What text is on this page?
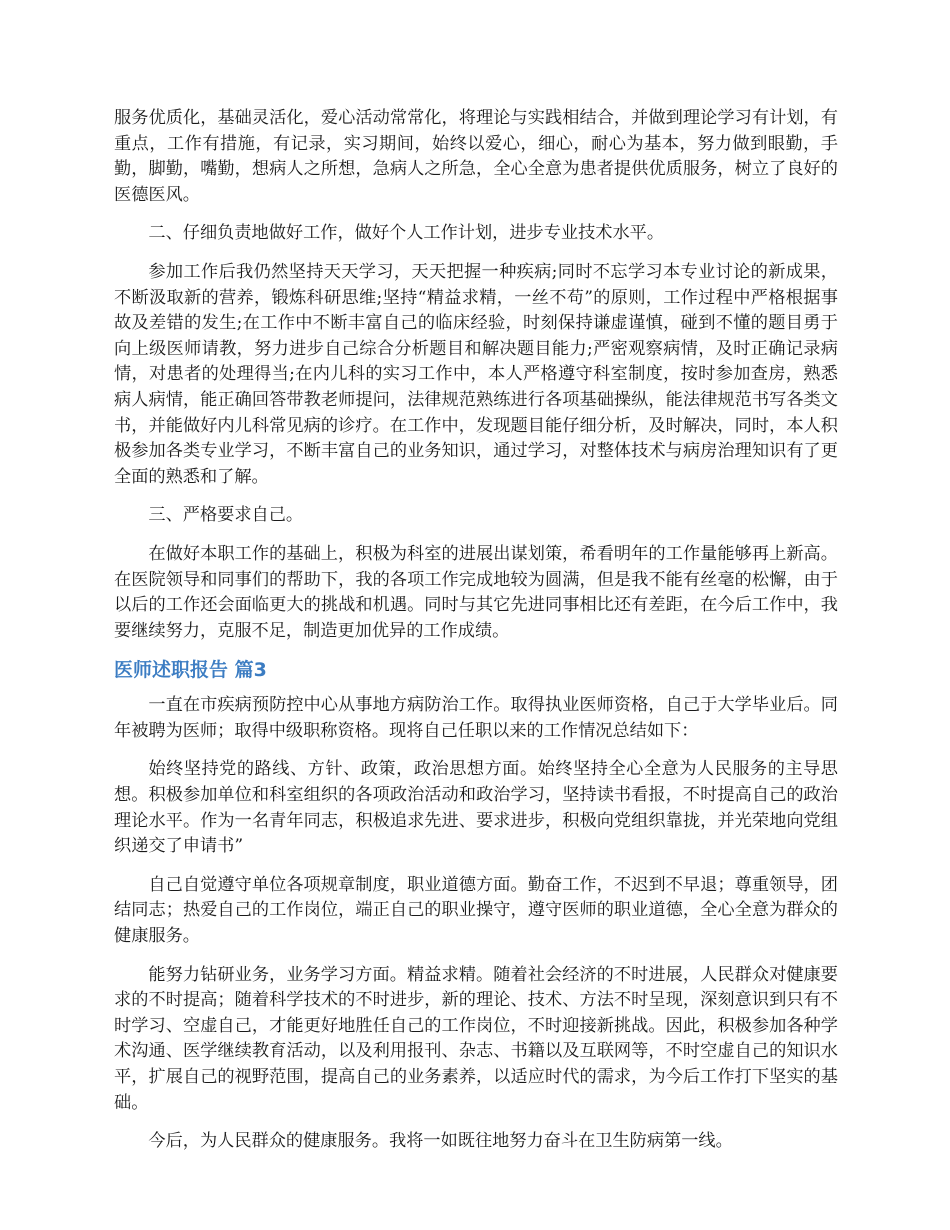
服务优质化，基础灵活化，爱心活动常常化，将理论与实践相结合，并做到理论学习有计划，有重点，工作有措施，有记录，实习期间，始终以爱心，细心，耐心为基本，努力做到眼勤，手勤，脚勤，嘴勤，想病人之所想，急病人之所急，全心全意为患者提供优质服务，树立了良好的医德医风。

二、仔细负责地做好工作，做好个人工作计划，进步专业技术水平。

参加工作后我仍然坚持天天学习，天天把握一种疾病;同时不忘学习本专业讨论的新成果，不断汲取新的营养，锻炼科研思维;坚持“精益求精，一丝不苟”的原则，工作过程中严格根据事故及差错的发生;在工作中不断丰富自己的临床经验，时刻保持谦虚谨慎，碰到不懂的题目勇于向上级医师请教，努力进步自己综合分析题目和解决题目能力;严密观察病情，及时正确记录病情，对患者的处理得当;在内儿科的实习工作中，本人严格遵守科室制度，按时参加查房，熟悉病人病情，能正确回答带教老师提问，法律规范熟练进行各项基础操纵，能法律规范书写各类文书，并能做好内儿科常见病的诊疗。在工作中，发现题目能仔细分析，及时解决，同时，本人积极参加各类专业学习，不断丰富自己的业务知识，通过学习，对整体技术与病房治理知识有了更全面的熟悉和了解。

三、严格要求自己。

在做好本职工作的基础上，积极为科室的进展出谋划策，希看明年的工作量能够再上新高。在医院领导和同事们的帮助下，我的各项工作完成地较为圆满，但是我不能有丝毫的松懈，由于以后的工作还会面临更大的挑战和机遇。同时与其它先进同事相比还有差距，在今后工作中，我要继续努力，克服不足，制造更加优异的工作成绩。

医师述职报告 篇3

一直在市疾病预防控中心从事地方病防治工作。取得执业医师资格，自己于大学毕业后。同年被聘为医师；取得中级职称资格。现将自己任职以来的工作情况总结如下：

始终坚持党的路线、方针、政策，政治思想方面。始终坚持全心全意为人民服务的主导思想。积极参加单位和科室组织的各项政治活动和政治学习，坚持读书看报，不时提高自己的政治理论水平。作为一名青年同志，积极追求先进、要求进步，积极向党组织靠拢，并光荣地向党组织递交了申请书”

自己自觉遵守单位各项规章制度，职业道德方面。勤奋工作，不迟到不早退；尊重领导，团结同志；热爱自己的工作岗位，端正自己的职业操守，遵守医师的职业道德，全心全意为群众的健康服务。

能努力钻研业务，业务学习方面。精益求精。随着社会经济的不时进展，人民群众对健康要求的不时提高；随着科学技术的不时进步，新的理论、技术、方法不时呈现，深刻意识到只有不时学习、空虚自己，才能更好地胜任自己的工作岗位，不时迎接新挑战。因此，积极参加各种学术沟通、医学继续教育活动，以及利用报刊、杂志、书籍以及互联网等，不时空虚自己的知识水平，扩展自己的视野范围，提高自己的业务素养，以适应时代的需求，为今后工作打下坚实的基础。

今后，为人民群众的健康服务。我将一如既往地努力奋斗在卫生防病第一线。
